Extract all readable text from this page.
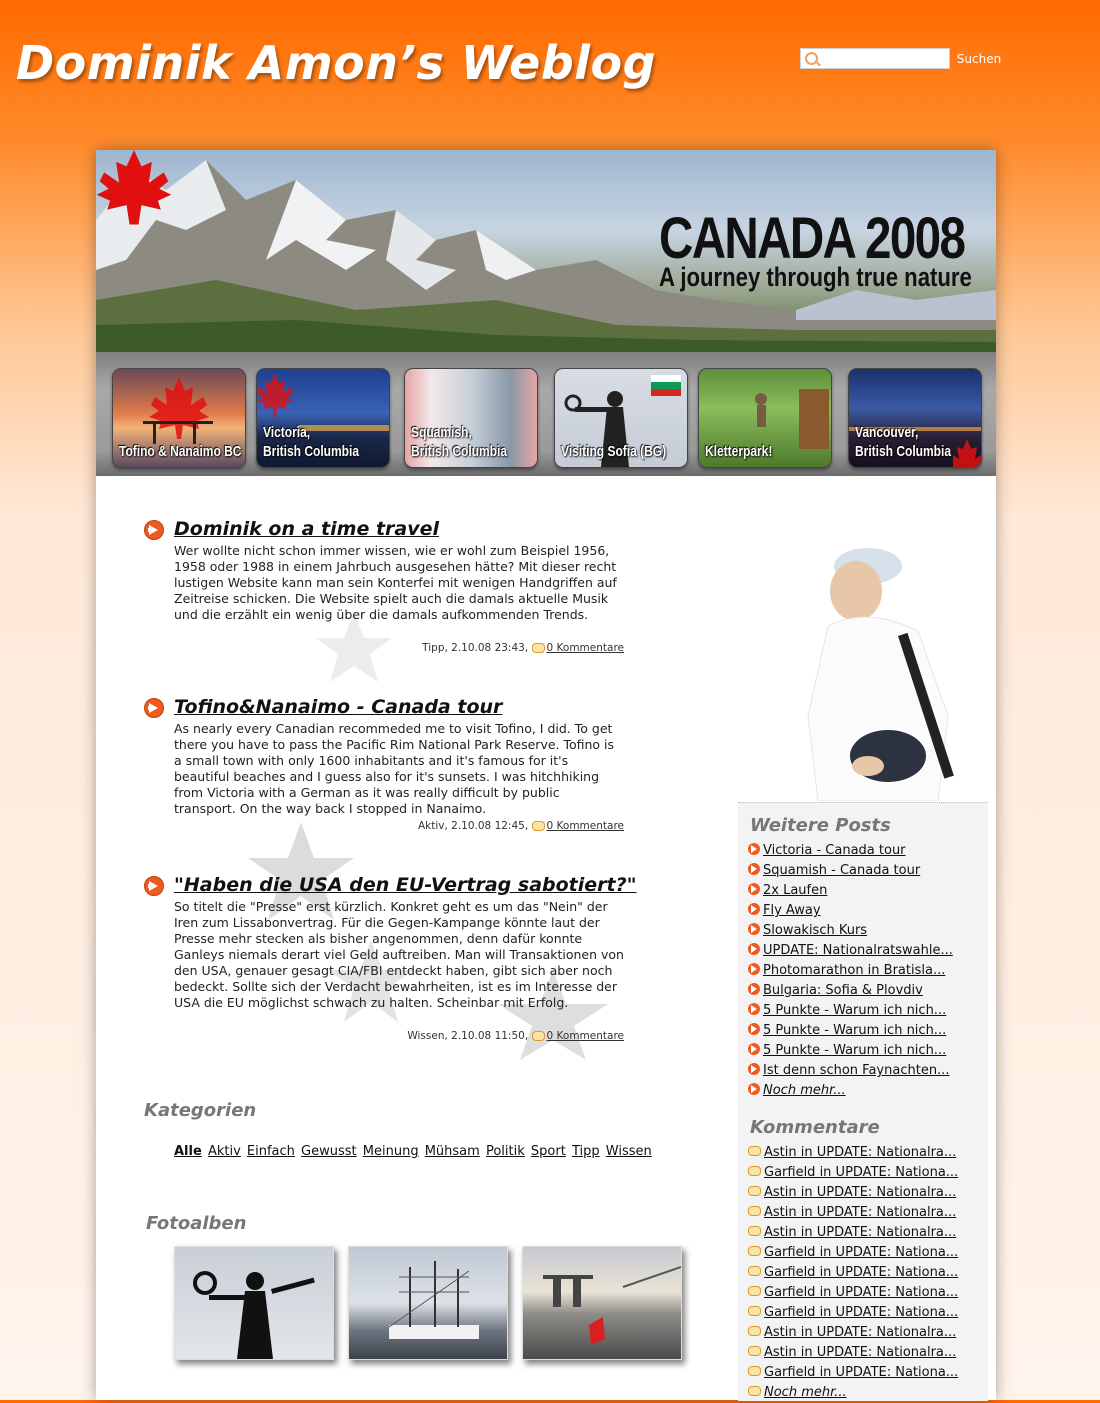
Dominik Amon’s Weblog	Suchen
CANADA 2008
A journey through true nature
Tofino & Nanaimo BC
Victoria,
British Columbia
Squamish,
British Columbia	Visiting Sofia (BG)	Kletterpark!
Vancouver,
British Columbia
Dominik on a time travel
Wer wollte nicht schon immer wissen, wie er wohl zum Beispiel 1956, 1958 oder 1988 in einem Jahrbuch ausgesehen hätte? Mit dieser recht lustigen Website kann man sein Konterfei mit wenigen Handgriffen auf Zeitreise schicken. Die Website spielt auch die damals aktuelle Musik und die erzählt ein wenig über die damals aufkommenden Trends.
Tipp, 2.10.08 23:43, 0 Kommentare
Tofino&Nanaimo - Canada tour
As nearly every Canadian recommeded me to visit Tofino, I did. To get there you have to pass the Pacific Rim National Park Reserve. Tofino is a small town with only 1600 inhabitants and it's famous for it's beautiful beaches and I guess also for it's sunsets. I was hitchhiking from Victoria with a German as it was really difficult by public transport. On the way back I stopped in Nanaimo.
Aktiv, 2.10.08 12:45, 0 Kommentare
"Haben die USA den EU-Vertrag sabotiert?"
So titelt die "Presse" erst kürzlich. Konkret geht es um das "Nein" der Iren zum Lissabonvertrag. Für die Gegen-Kampange könnte laut der Presse mehr stecken als bisher angenommen, denn dafür konnte Ganleys niemals derart viel Geld auftreiben. Man will Transaktionen von den USA, genauer gesagt CIA/FBI entdeckt haben, gibt sich aber noch bedeckt. Sollte sich der Verdacht bewahrheiten, ist es im Interesse der USA die EU möglichst schwach zu halten. Scheinbar mit Erfolg.
Wissen, 2.10.08 11:50, 0 Kommentare
Kategorien
Alle Aktiv Einfach Gewusst Meinung Mühsam Politik Sport Tipp Wissen
Fotoalben
Weitere Posts
Victoria - Canada tour
Squamish - Canada tour
2x Laufen
Fly Away
Slowakisch Kurs
UPDATE: Nationalratswahle...
Photomarathon in Bratisla...
Bulgaria: Sofia & Plovdiv
5 Punkte - Warum ich nich...
5 Punkte - Warum ich nich...
5 Punkte - Warum ich nich...
Ist denn schon Faynachten...
Noch mehr...
Kommentare
Astin in UPDATE: Nationalra...
Garfield in UPDATE: Nationa...
Astin in UPDATE: Nationalra...
Astin in UPDATE: Nationalra...
Astin in UPDATE: Nationalra...
Garfield in UPDATE: Nationa...
Garfield in UPDATE: Nationa...
Garfield in UPDATE: Nationa...
Garfield in UPDATE: Nationa...
Astin in UPDATE: Nationalra...
Astin in UPDATE: Nationalra...
Garfield in UPDATE: Nationa...
Noch mehr...
